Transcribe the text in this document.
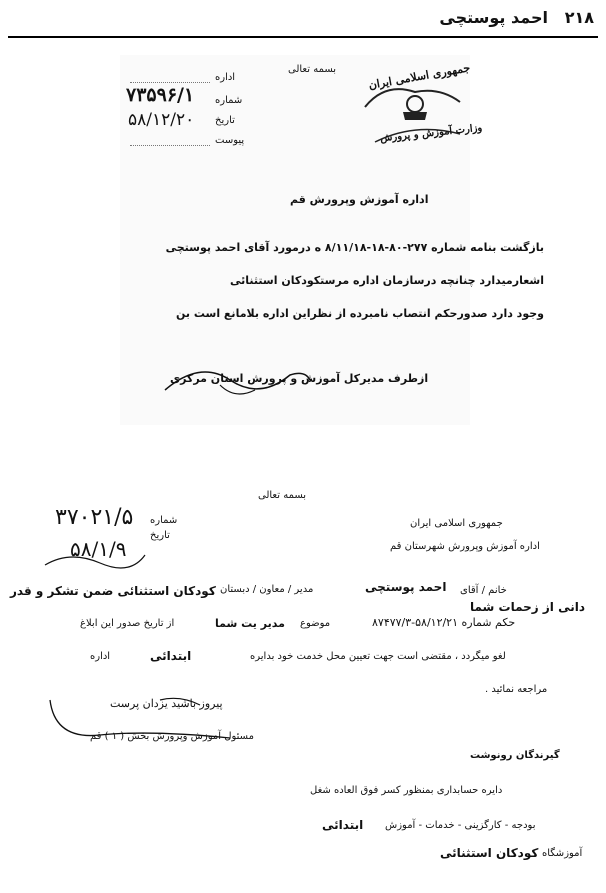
۲۱۸   احمد پوستچی
بسمه تعالی	جمهوری اسلامی ایران
وزارت آموزش و پرورش
اداره
شماره
۷۳۵۹۶/۱
تاریخ
۵۸/۱۲/۲۰
پیوست
اداره آموزش وپرورش قم
بازگشت بنامه شماره ۲۷۷-۸۰-۱۸-۸/۱۱/۱۸ ه درمورد آقای احمد پوستچی
اشعارمیدارد چنانچه درسازمان اداره مرستکودکان استثنائی
وجود دارد صدورحکم انتصاب نامبرده از نظراین اداره بلامانع است بن
ازطرف مدیرکل آموزش و پرورش استان مرکزی
بسمه تعالی
شماره
۳۷۰۲۱/۵
تاریخ
۵۸/۱/۹
جمهوری اسلامی ایران
اداره آموزش وپرورش شهرستان قم
کودکان استثنائی ضمن تشکر و قدر مدیر / معاون / دبستان	احمد پوستچی خانم / آقای
دانی از زحمات شما
از تاریخ صدور این ابلاغ	مدیر یت شما موضوع	حکم شماره ۵۸/۱۲/۲۱-۸۷۴۷۷/۳
اداره	ابتدائی	لغو میگردد ، مقتضی است جهت تعیین محل خدمت خود بدایره
مراجعه نمائید .
پیروز باشید یزدان پرست
مسئول آموزش وپرورش بخش ( ۱ ) قم
گیرندگان رونوشت
دایره حسابداری بمنظور کسر فوق العاده شغل
ابتدائی بودجه - کارگزینی - خدمات - آموزش
کودکان استثنائی آموزشگاه
